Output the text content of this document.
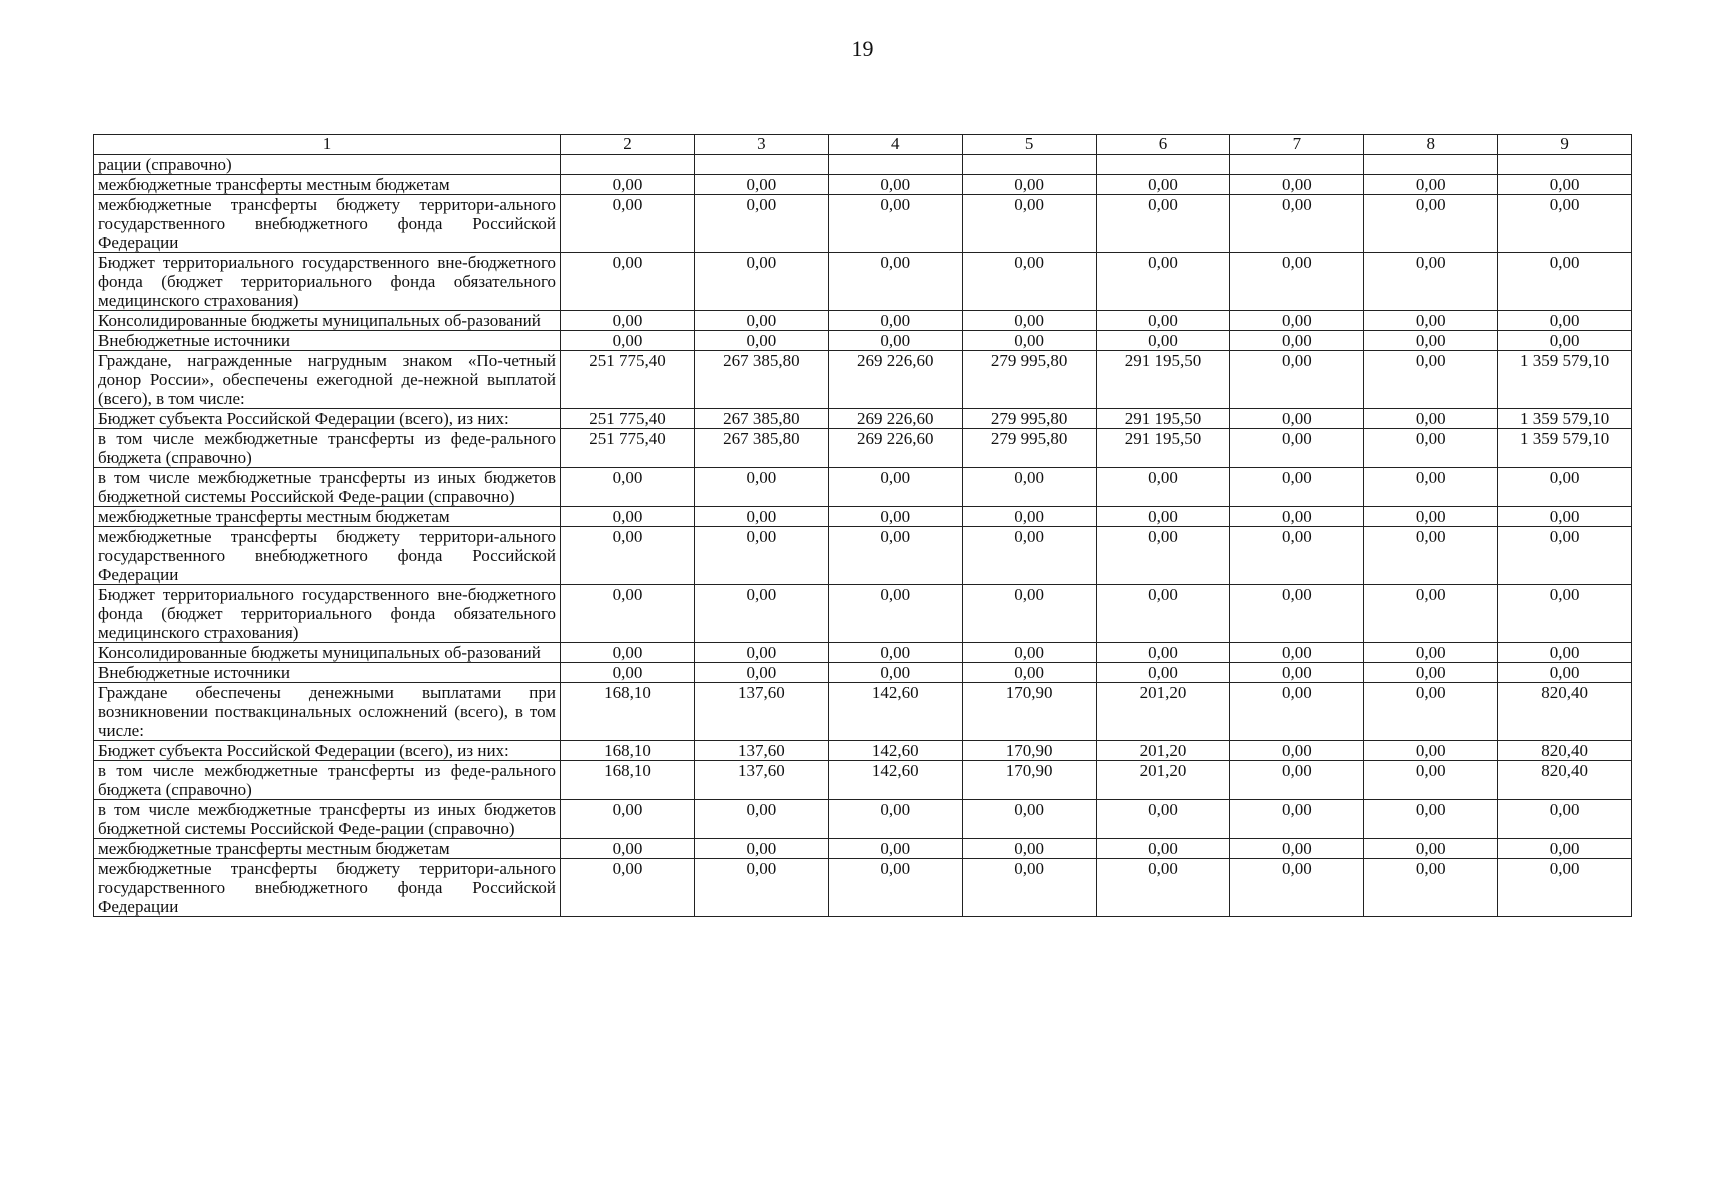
19
1	2	3	4	5	6	7	8	9
рации (справочно)								
межбюджетные трансферты местным бюджетам	0,00	0,00	0,00	0,00	0,00	0,00	0,00	0,00
межбюджетные трансферты бюджету территори-ального государственного внебюджетного фонда Российской Федерации	0,00	0,00	0,00	0,00	0,00	0,00	0,00	0,00
Бюджет территориального государственного вне-бюджетного фонда (бюджет территориального фонда обязательного медицинского страхования)	0,00	0,00	0,00	0,00	0,00	0,00	0,00	0,00
Консолидированные бюджеты муниципальных об-разований	0,00	0,00	0,00	0,00	0,00	0,00	0,00	0,00
Внебюджетные источники	0,00	0,00	0,00	0,00	0,00	0,00	0,00	0,00
Граждане, награжденные нагрудным знаком «По-четный донор России», обеспечены ежегодной де-нежной выплатой (всего), в том числе:	251 775,40	267 385,80	269 226,60	279 995,80	291 195,50	0,00	0,00	1 359 579,10
Бюджет субъекта Российской Федерации (всего), из них:	251 775,40	267 385,80	269 226,60	279 995,80	291 195,50	0,00	0,00	1 359 579,10
в том числе межбюджетные трансферты из феде-рального бюджета (справочно)	251 775,40	267 385,80	269 226,60	279 995,80	291 195,50	0,00	0,00	1 359 579,10
в том числе межбюджетные трансферты из иных бюджетов бюджетной системы Российской Феде-рации (справочно)	0,00	0,00	0,00	0,00	0,00	0,00	0,00	0,00
межбюджетные трансферты местным бюджетам	0,00	0,00	0,00	0,00	0,00	0,00	0,00	0,00
межбюджетные трансферты бюджету территори-ального государственного внебюджетного фонда Российской Федерации	0,00	0,00	0,00	0,00	0,00	0,00	0,00	0,00
Бюджет территориального государственного вне-бюджетного фонда (бюджет территориального фонда обязательного медицинского страхования)	0,00	0,00	0,00	0,00	0,00	0,00	0,00	0,00
Консолидированные бюджеты муниципальных об-разований	0,00	0,00	0,00	0,00	0,00	0,00	0,00	0,00
Внебюджетные источники	0,00	0,00	0,00	0,00	0,00	0,00	0,00	0,00
Граждане обеспечены денежными выплатами при возникновении поствакцинальных осложнений (всего), в том числе:	168,10	137,60	142,60	170,90	201,20	0,00	0,00	820,40
Бюджет субъекта Российской Федерации (всего), из них:	168,10	137,60	142,60	170,90	201,20	0,00	0,00	820,40
в том числе межбюджетные трансферты из феде-рального бюджета (справочно)	168,10	137,60	142,60	170,90	201,20	0,00	0,00	820,40
в том числе межбюджетные трансферты из иных бюджетов бюджетной системы Российской Феде-рации (справочно)	0,00	0,00	0,00	0,00	0,00	0,00	0,00	0,00
межбюджетные трансферты местным бюджетам	0,00	0,00	0,00	0,00	0,00	0,00	0,00	0,00
межбюджетные трансферты бюджету территори-ального государственного внебюджетного фонда Российской Федерации	0,00	0,00	0,00	0,00	0,00	0,00	0,00	0,00
